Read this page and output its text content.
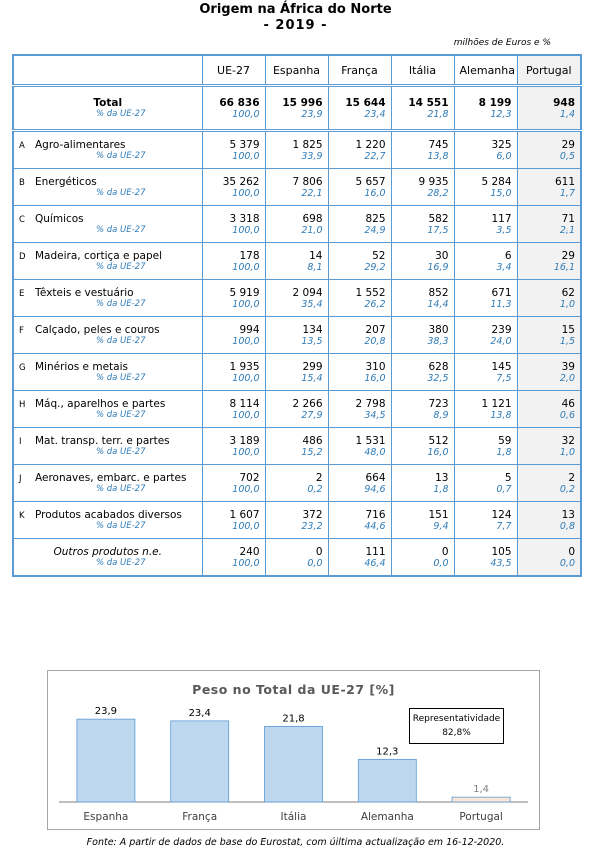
Origem na África do Norte
- 2019 -
milhões de Euros e %
	UE-27	Espanha	França	Itália	Alemanha	Portugal
Total	66 836	15 996	15 644	14 551	8 199	948
% da UE-27	100,0	23,9	23,4	21,8	12,3	1,4
A Agro-alimentares	5 379	1 825	1 220	745	325	29
% da UE-27	100,0	33,9	22,7	13,8	6,0	0,5
B Energéticos	35 262	7 806	5 657	9 935	5 284	611
% da UE-27	100,0	22,1	16,0	28,2	15,0	1,7
C Químicos	3 318	698	825	582	117	71
% da UE-27	100,0	21,0	24,9	17,5	3,5	2,1
D Madeira, cortiça e papel	178	14	52	30	6	29
% da UE-27	100,0	8,1	29,2	16,9	3,4	16,1
E Têxteis e vestuário	5 919	2 094	1 552	852	671	62
% da UE-27	100,0	35,4	26,2	14,4	11,3	1,0
F Calçado, peles e couros	994	134	207	380	239	15
% da UE-27	100,0	13,5	20,8	38,3	24,0	1,5
G Minérios e metais	1 935	299	310	628	145	39
% da UE-27	100,0	15,4	16,0	32,5	7,5	2,0
H Máq., aparelhos e partes	8 114	2 266	2 798	723	1 121	46
% da UE-27	100,0	27,9	34,5	8,9	13,8	0,6
I Mat. transp. terr. e partes	3 189	486	1 531	512	59	32
% da UE-27	100,0	15,2	48,0	16,0	1,8	1,0
J Aeronaves, embarc. e partes	702	2	664	13	5	2
% da UE-27	100,0	0,2	94,6	1,8	0,7	0,2
K Produtos acabados diversos	1 607	372	716	151	124	13
% da UE-27	100,0	23,2	44,6	9,4	7,7	0,8
Outros produtos n.e.	240	0	111	0	105	0
% da UE-27	100,0	0,0	46,4	0,0	43,5	0,0
23,9
Espanha
23,4
França
21,8
Itália
12,3
Alemanha
1,4
Portugal
Peso no Total da UE-27 [%]
Representatividade
82,8%
Fonte: A partir de dados de base do Eurostat, com úiltima actualização em 16-12-2020.
